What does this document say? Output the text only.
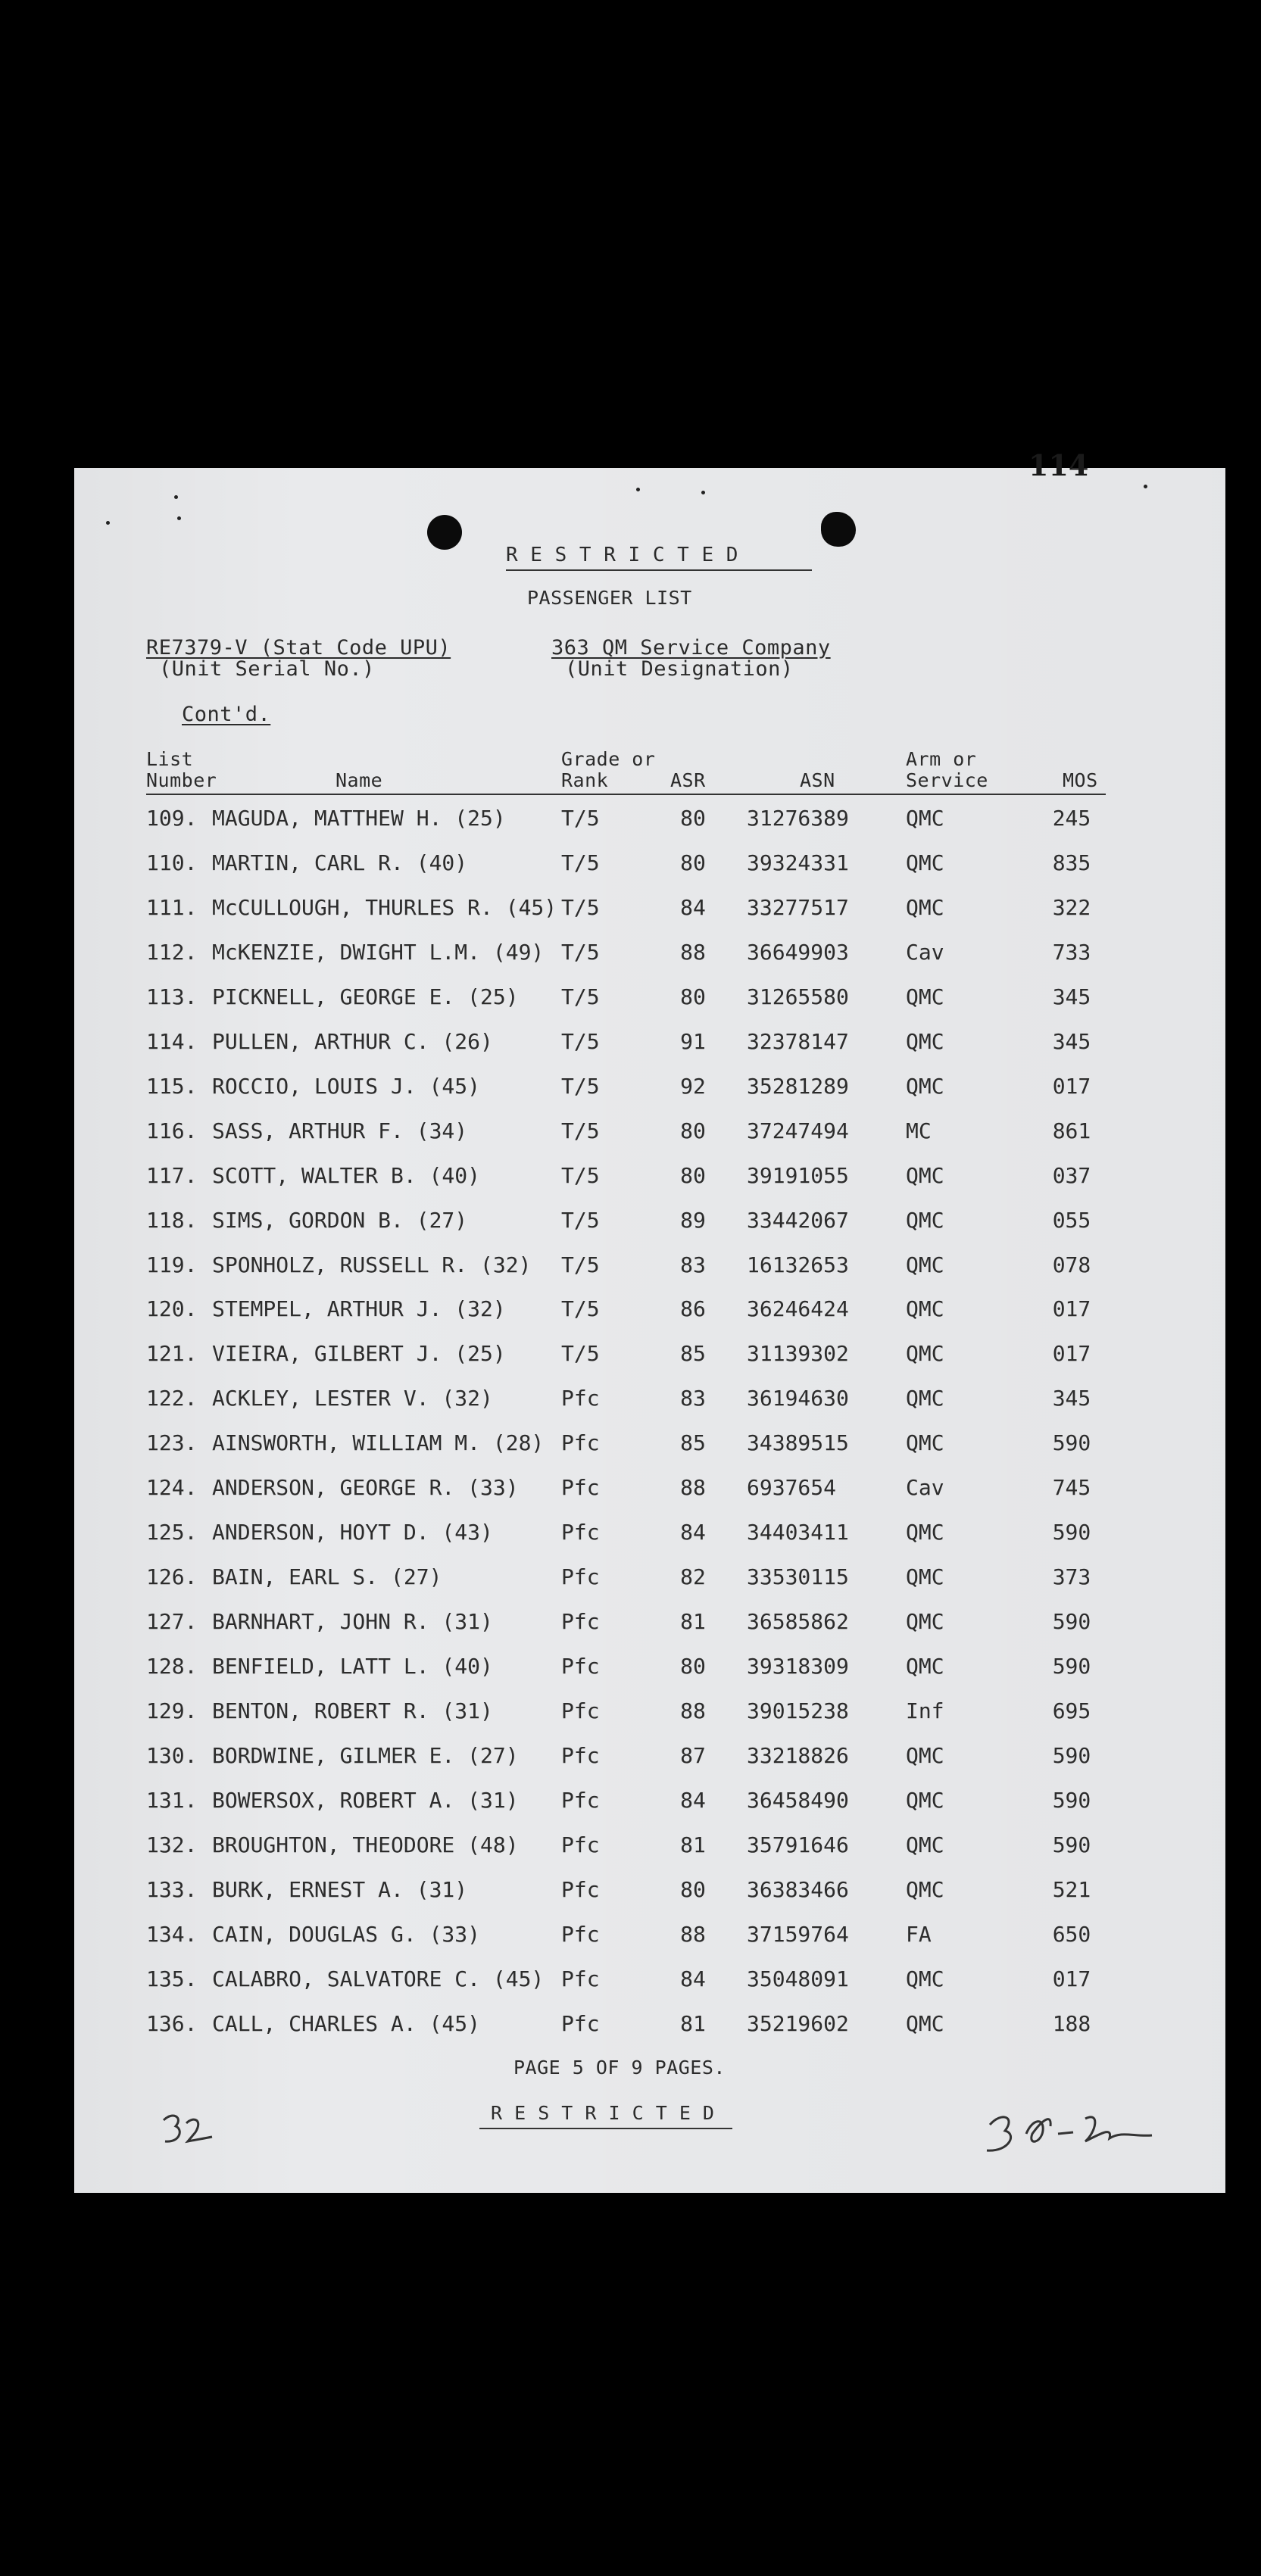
R E S T R I C T E D
PASSENGER LIST
RE7379-V (Stat Code UPU)
(Unit Serial No.)
363 QM Service Company
(Unit Designation)
Cont'd.
List
Number	Name
Grade or
Rank	ASR	ASN
Arm or
Service	MOS
109. MAGUDA, MATTHEW H. (25)	T/5	80	31276389	QMC	245
110. MARTIN, CARL R. (40)	T/5	80	39324331	QMC	835
111. McCULLOUGH, THURLES R. (45) T/5	84	33277517	QMC	322
112. McKENZIE, DWIGHT L.M. (49) T/5	88	36649903	Cav	733
113. PICKNELL, GEORGE E. (25) T/5	80	31265580	QMC	345
114. PULLEN, ARTHUR C. (26)	T/5	91	32378147	QMC	345
115. ROCCIO, LOUIS J. (45)	T/5	92	35281289	QMC	017
116. SASS, ARTHUR F. (34)	T/5	80	37247494	MC	861
117. SCOTT, WALTER B. (40)	T/5	80	39191055	QMC	037
118. SIMS, GORDON B. (27)	T/5	89	33442067	QMC	055
119. SPONHOLZ, RUSSELL R. (32) T/5	83	16132653	QMC	078
120. STEMPEL, ARTHUR J. (32)	T/5	86	36246424	QMC	017
121. VIEIRA, GILBERT J. (25)	T/5	85	31139302	QMC	017
122. ACKLEY, LESTER V. (32)	Pfc	83	36194630	QMC	345
123. AINSWORTH, WILLIAM M. (28) Pfc	85	34389515	QMC	590
124. ANDERSON, GEORGE R. (33) Pfc	88	6937654	Cav	745
125. ANDERSON, HOYT D. (43)	Pfc	84	34403411	QMC	590
126. BAIN, EARL S. (27)	Pfc	82	33530115	QMC	373
127. BARNHART, JOHN R. (31)	Pfc	81	36585862	QMC	590
128. BENFIELD, LATT L. (40)	Pfc	80	39318309	QMC	590
129. BENTON, ROBERT R. (31)	Pfc	88	39015238	Inf	695
130. BORDWINE, GILMER E. (27) Pfc	87	33218826	QMC	590
131. BOWERSOX, ROBERT A. (31) Pfc	84	36458490	QMC	590
132. BROUGHTON, THEODORE (48) Pfc	81	35791646	QMC	590
133. BURK, ERNEST A. (31)	Pfc	80	36383466	QMC	521
134. CAIN, DOUGLAS G. (33)	Pfc	88	37159764	FA	650
135. CALABRO, SALVATORE C. (45) Pfc	84	35048091	QMC	017
136. CALL, CHARLES A. (45)	Pfc	81	35219602	QMC	188
PAGE 5 OF 9 PAGES.
R E S T R I C T E D
114
